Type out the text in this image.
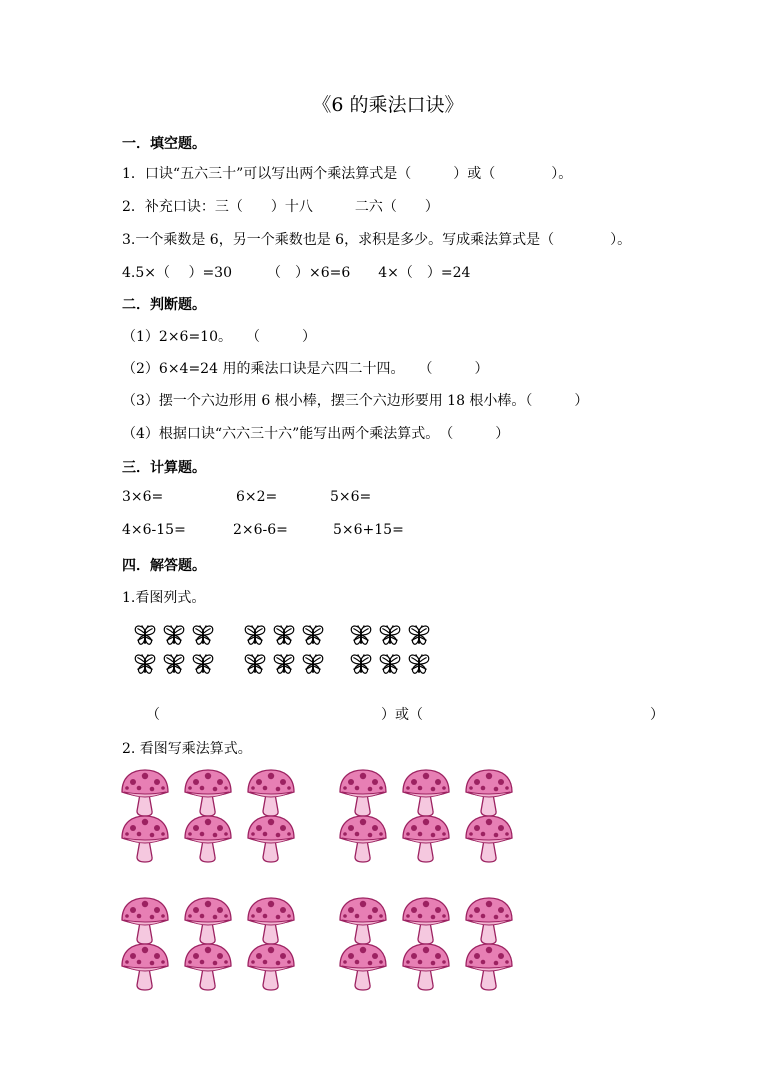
《6 的乘法口诀》
一．填空题。
1．口诀“五六三十”可以写出两个乘法算式是（　　　）或（　　　　）。
2．补充口诀：三（　　）十八　　　二六（　　）
3.一个乘数是 6，另一个乘数也是 6，求积是多少。写成乘法算式是（　　　　）。
4.5×（　 ）=30　　　（　）×6=6　　4×（　）=24
二．判断题。
（1）2×6=10。　　（　　　）
（2）6×4=24 用的乘法口诀是六四二十四。　　（　　　）
（3）摆一个六边形用 6 根小棒，摆三个六边形要用 18 根小棒。（　　　）
（4）根据口诀“六六三十六”能写出两个乘法算式。　（　　　）
三．计算题。
3×6=	6×2=	5×6=
4×6-15=	2×6-6=	5×6+15=
四．解答题。
1.看图列式。
（	）或（	）
2. 看图写乘法算式。
